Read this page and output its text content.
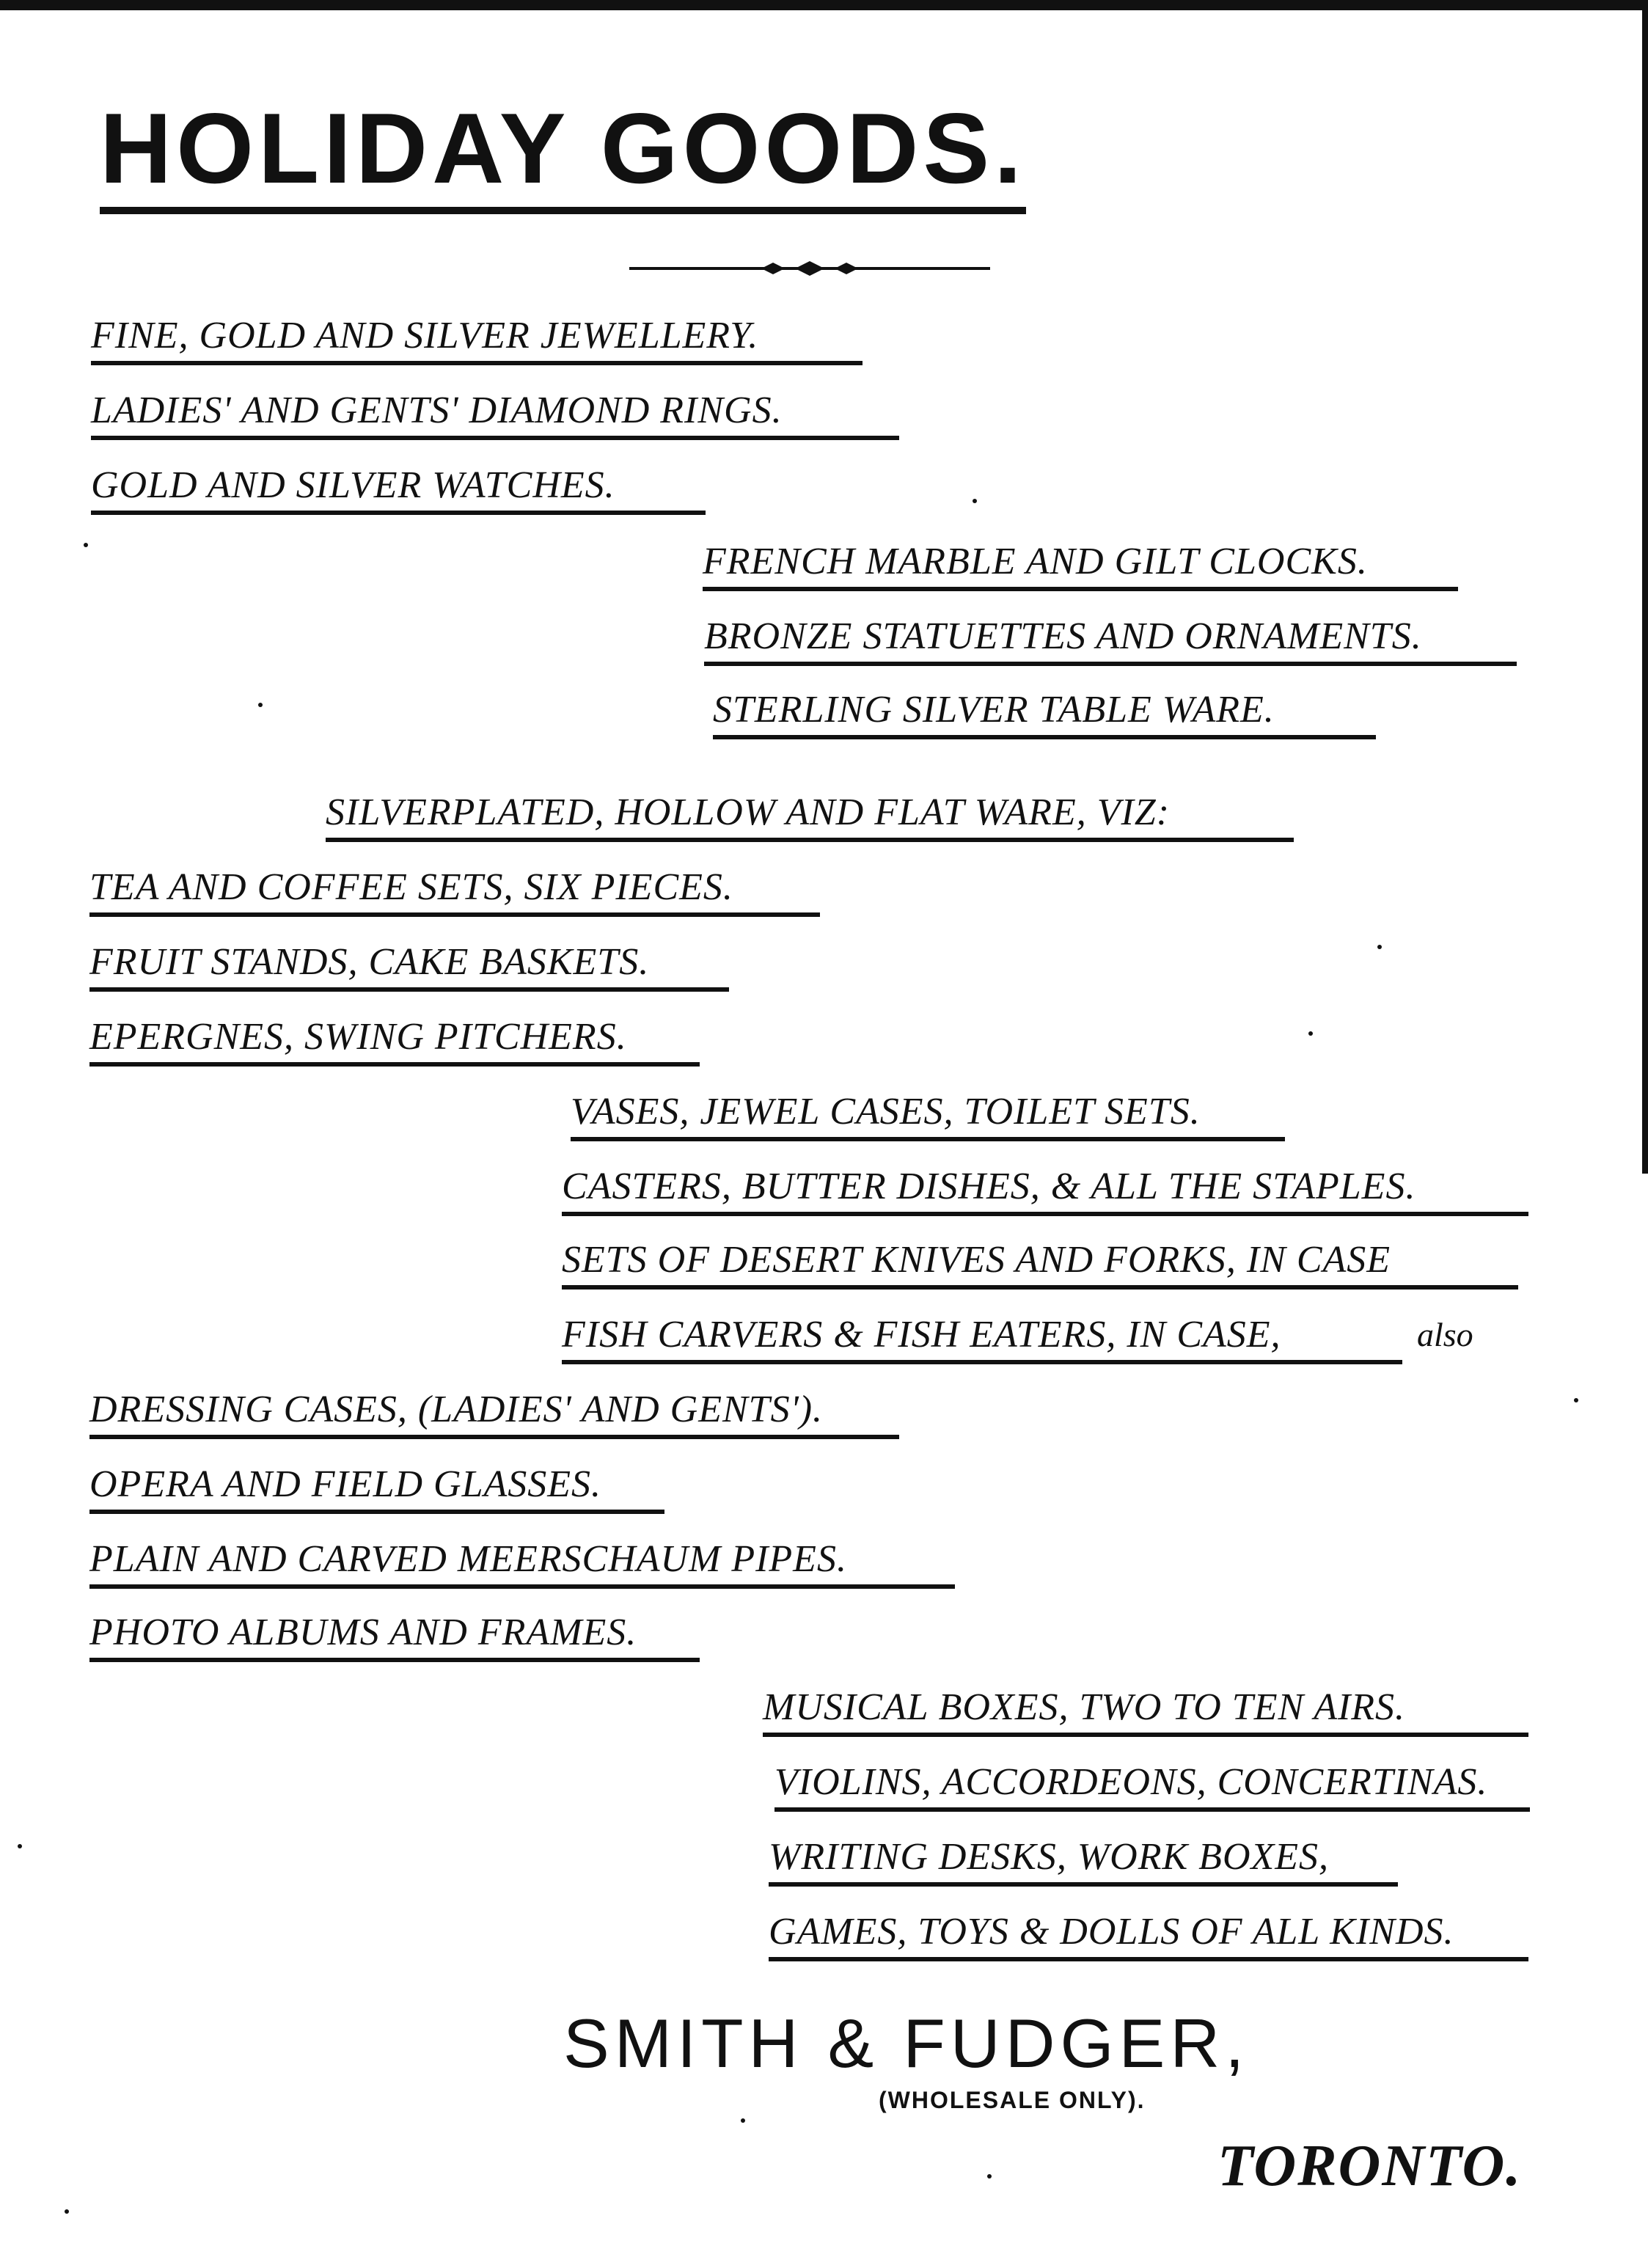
HOLIDAY GOODS.
FINE, GOLD AND SILVER JEWELLERY.
LADIES' AND GENTS' DIAMOND RINGS.
GOLD AND SILVER WATCHES.
FRENCH MARBLE AND GILT CLOCKS.
BRONZE STATUETTES AND ORNAMENTS.
STERLING SILVER TABLE WARE.
SILVERPLATED, HOLLOW AND FLAT WARE, VIZ:
TEA AND COFFEE SETS, SIX PIECES.
FRUIT STANDS, CAKE BASKETS.
EPERGNES, SWING PITCHERS.
VASES, JEWEL CASES, TOILET SETS.
CASTERS, BUTTER DISHES, & ALL THE STAPLES.
SETS OF DESERT KNIVES AND FORKS, IN CASE
FISH CARVERS & FISH EATERS, IN CASE,	also
DRESSING CASES, (LADIES' AND GENTS').
OPERA AND FIELD GLASSES.
PLAIN AND CARVED MEERSCHAUM PIPES.
PHOTO ALBUMS AND FRAMES.
MUSICAL BOXES, TWO TO TEN AIRS.
VIOLINS, ACCORDEONS, CONCERTINAS.
WRITING DESKS, WORK BOXES,
GAMES, TOYS & DOLLS OF ALL KINDS.
SMITH & FUDGER,
(WHOLESALE ONLY).
TORONTO.
